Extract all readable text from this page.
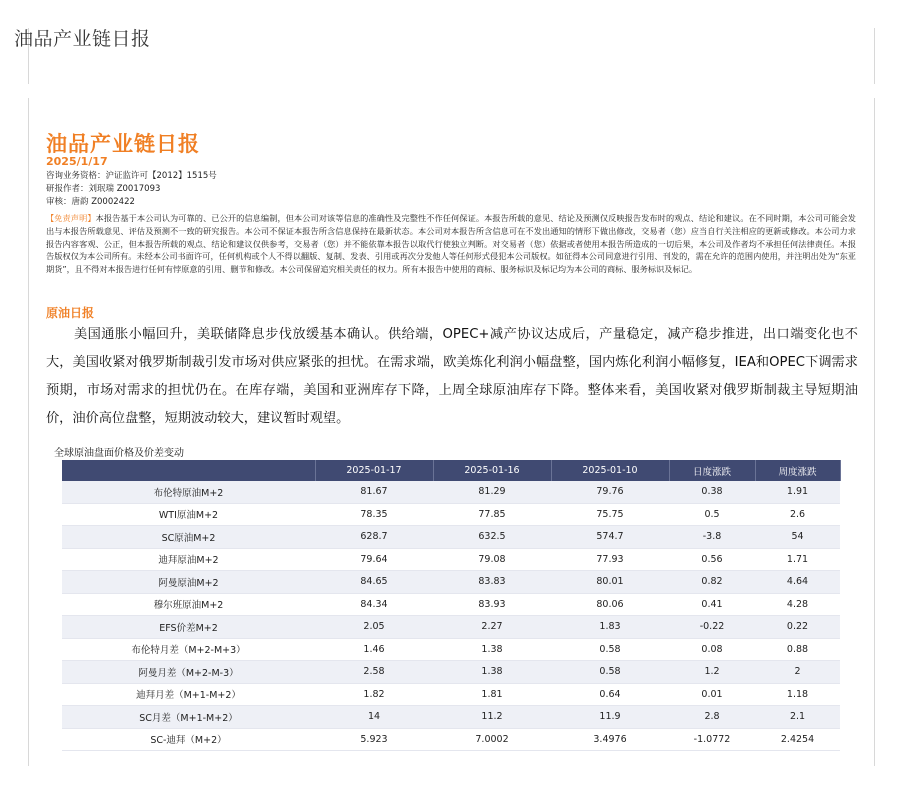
油品产业链日报
油品产业链日报
2025/1/17
咨询业务资格：沪证监许可【2012】1515号
研报作者：刘珉瑞 Z0017093
审核：唐韵 Z0002422
【免责声明】本报告基于本公司认为可靠的、已公开的信息编制，但本公司对该等信息的准确性及完整性不作任何保证。本报告所载的意见、结论及预测仅反映报告发布时的观点、结论和建议。在不同时期，本公司可能会发出与本报告所载意见、评估及预测不一致的研究报告。本公司不保证本报告所含信息保持在最新状态。本公司对本报告所含信息可在不发出通知的情形下做出修改，交易者（您）应当自行关注相应的更新或修改。本公司力求报告内容客观、公正，但本报告所载的观点、结论和建议仅供参考，交易者（您）并不能依靠本报告以取代行使独立判断。对交易者（您）依据或者使用本报告所造成的一切后果，本公司及作者均不承担任何法律责任。本报告版权仅为本公司所有。未经本公司书面许可，任何机构或个人不得以翻版、复制、发表、引用或再次分发他人等任何形式侵犯本公司版权。如征得本公司同意进行引用、刊发的，需在允许的范围内使用，并注明出处为“东亚期货”，且不得对本报告进行任何有悖原意的引用、删节和修改。本公司保留追究相关责任的权力。所有本报告中使用的商标、服务标识及标记均为本公司的商标、服务标识及标记。
原油日报
美国通胀小幅回升，美联储降息步伐放缓基本确认。供给端，OPEC+减产协议达成后，产量稳定，减产稳步推进，出口端变化也不大，美国收紧对俄罗斯制裁引发市场对供应紧张的担忧。在需求端，欧美炼化利润小幅盘整，国内炼化利润小幅修复，IEA和OPEC下调需求预期，市场对需求的担忧仍在。在库存端，美国和亚洲库存下降，上周全球原油库存下降。整体来看，美国收紧对俄罗斯制裁主导短期油价，油价高位盘整，短期波动较大，建议暂时观望。
全球原油盘面价格及价差变动
	2025-01-17	2025-01-16	2025-01-10	日度涨跌	周度涨跌
布伦特原油M+2	81.67	81.29	79.76	0.38	1.91
WTI原油M+2	78.35	77.85	75.75	0.5	2.6
SC原油M+2	628.7	632.5	574.7	-3.8	54
迪拜原油M+2	79.64	79.08	77.93	0.56	1.71
阿曼原油M+2	84.65	83.83	80.01	0.82	4.64
穆尔班原油M+2	84.34	83.93	80.06	0.41	4.28
EFS价差M+2	2.05	2.27	1.83	-0.22	0.22
布伦特月差（M+2-M+3）	1.46	1.38	0.58	0.08	0.88
阿曼月差（M+2-M-3）	2.58	1.38	0.58	1.2	2
迪拜月差（M+1-M+2）	1.82	1.81	0.64	0.01	1.18
SC月差（M+1-M+2）	14	11.2	11.9	2.8	2.1
SC-迪拜（M+2）	5.923	7.0002	3.4976	-1.0772	2.4254
